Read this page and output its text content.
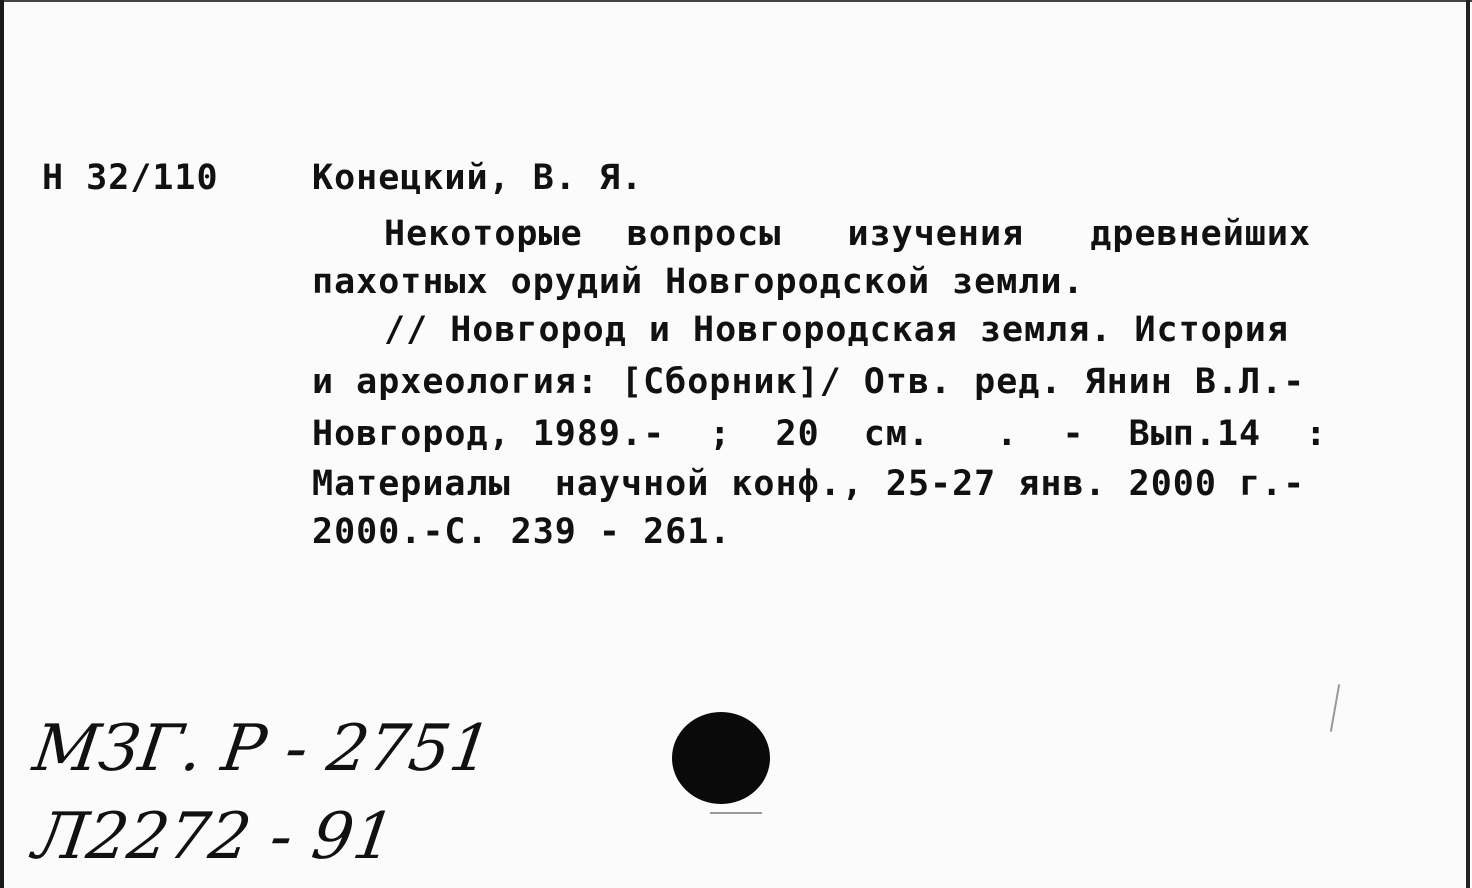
Н 32/110	Конецкий, В. Я.
Некоторые  вопросы   изучения   древнейших
пахотных орудий Новгородской земли.
// Новгород и Новгородская земля. История
и археология: [Сборник]/ Отв. ред. Янин В.Л.-
Новгород, 1989.-  ;  20  см.   .  -  Вып.14  :
Материалы  научной конф., 25-27 янв. 2000 г.-
2000.-С. 239 - 261.
МЗГ. Р - 2751
Л2272 - 91
